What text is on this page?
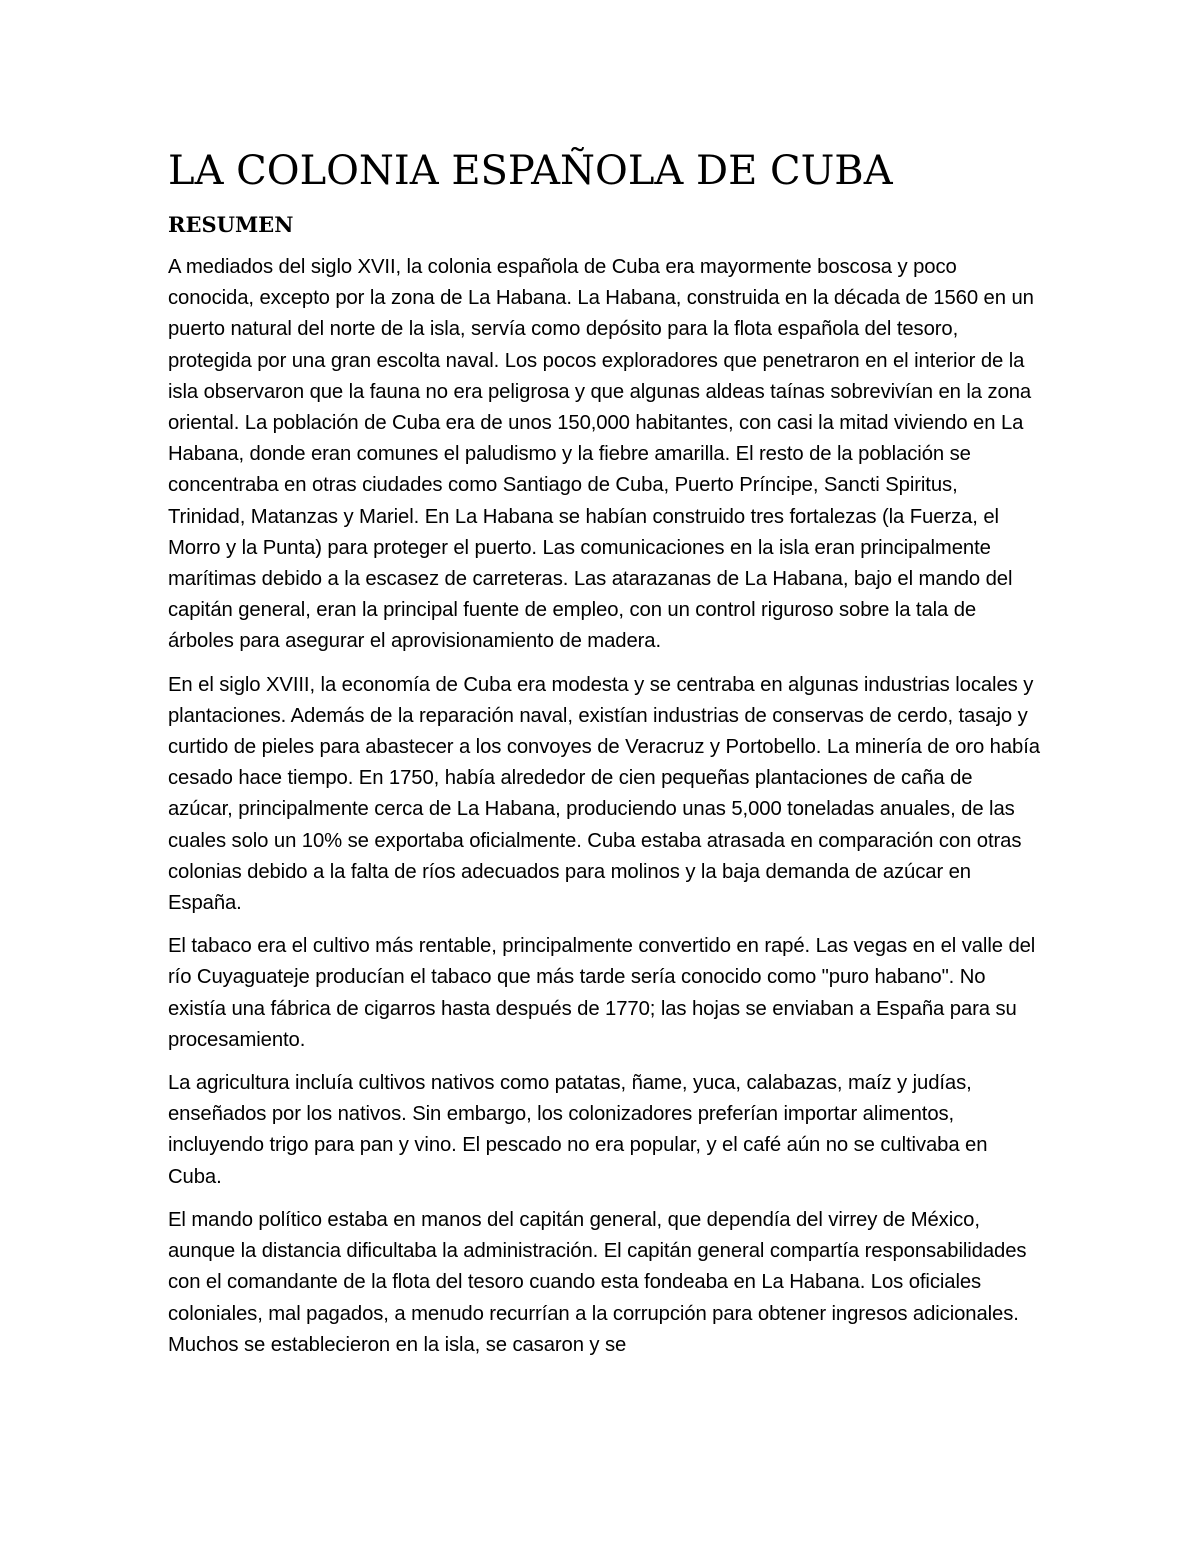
LA COLONIA ESPAÑOLA DE CUBA
RESUMEN

A mediados del siglo XVII, la colonia española de Cuba era mayormente boscosa y poco conocida, excepto por la zona de La Habana. La Habana, construida en la década de 1560 en un puerto natural del norte de la isla, servía como depósito para la flota española del tesoro, protegida por una gran escolta naval. Los pocos exploradores que penetraron en el interior de la isla observaron que la fauna no era peligrosa y que algunas aldeas taínas sobrevivían en la zona oriental. La población de Cuba era de unos 150,000 habitantes, con casi la mitad viviendo en La Habana, donde eran comunes el paludismo y la fiebre amarilla. El resto de la población se concentraba en otras ciudades como Santiago de Cuba, Puerto Príncipe, Sancti Spiritus, Trinidad, Matanzas y Mariel. En La Habana se habían construido tres fortalezas (la Fuerza, el Morro y la Punta) para proteger el puerto. Las comunicaciones en la isla eran principalmente marítimas debido a la escasez de carreteras. Las atarazanas de La Habana, bajo el mando del capitán general, eran la principal fuente de empleo, con un control riguroso sobre la tala de árboles para asegurar el aprovisionamiento de madera.

En el siglo XVIII, la economía de Cuba era modesta y se centraba en algunas industrias locales y plantaciones. Además de la reparación naval, existían industrias de conservas de cerdo, tasajo y curtido de pieles para abastecer a los convoyes de Veracruz y Portobello. La minería de oro había cesado hace tiempo. En 1750, había alrededor de cien pequeñas plantaciones de caña de azúcar, principalmente cerca de La Habana, produciendo unas 5,000 toneladas anuales, de las cuales solo un 10% se exportaba oficialmente. Cuba estaba atrasada en comparación con otras colonias debido a la falta de ríos adecuados para molinos y la baja demanda de azúcar en España.

El tabaco era el cultivo más rentable, principalmente convertido en rapé. Las vegas en el valle del río Cuyaguateje producían el tabaco que más tarde sería conocido como "puro habano". No existía una fábrica de cigarros hasta después de 1770; las hojas se enviaban a España para su procesamiento.

La agricultura incluía cultivos nativos como patatas, ñame, yuca, calabazas, maíz y judías, enseñados por los nativos. Sin embargo, los colonizadores preferían importar alimentos, incluyendo trigo para pan y vino. El pescado no era popular, y el café aún no se cultivaba en Cuba.

El mando político estaba en manos del capitán general, que dependía del virrey de México, aunque la distancia dificultaba la administración. El capitán general compartía responsabilidades con el comandante de la flota del tesoro cuando esta fondeaba en La Habana. Los oficiales coloniales, mal pagados, a menudo recurrían a la corrupción para obtener ingresos adicionales. Muchos se establecieron en la isla, se casaron y se
